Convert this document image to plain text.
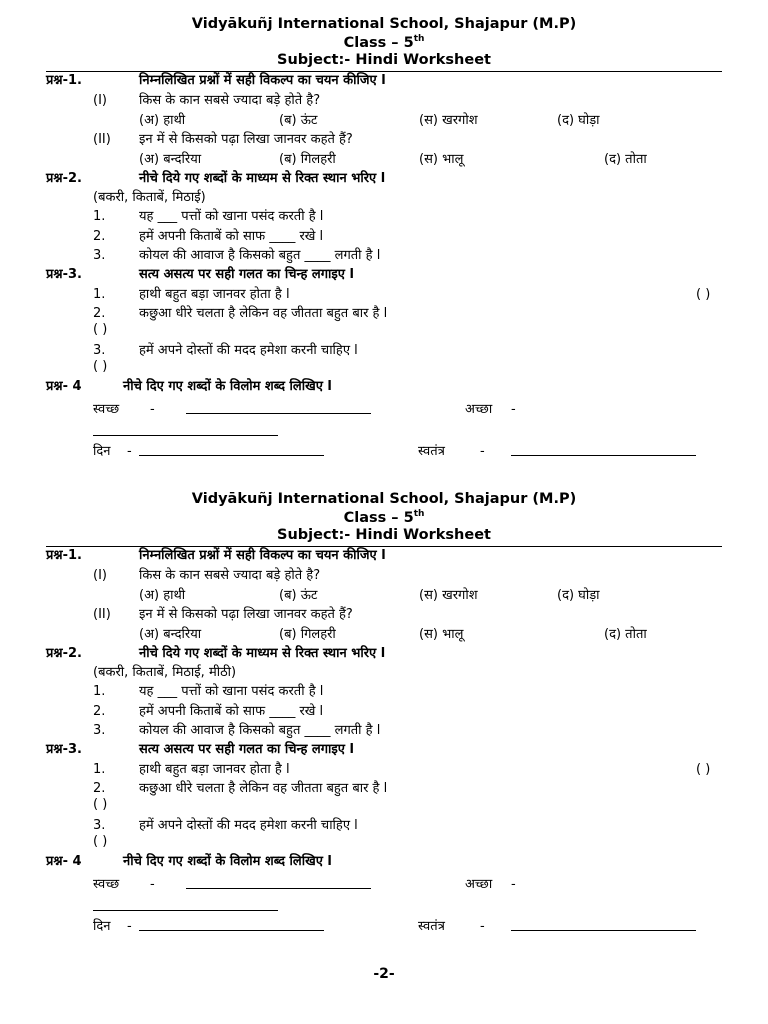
Vidyākuñj International School, Shajapur (M.P)
Class – 5th
Subject:- Hindi Worksheet
प्रश्न-1.	निम्नलिखित प्रश्नों में सही विकल्प का चयन कीजिए l
(I) किस के कान सबसे ज्यादा बड़े होते है?
(अ) हाथी	(ब) ऊंट	(स) खरगोश	(द) घोड़ा
(II) इन में से किसको पढ़ा लिखा जानवर कहते हैं?
(अ) बन्दरिया	(ब) गिलहरी	(स) भालू	(द) तोता
प्रश्न-2.	नीचे दिये गए शब्दों के माध्यम से रिक्त स्थान भरिए l
(बकरी, किताबें, मिठाई)
1.	यह ___ पत्तों को खाना पसंद करती है l
2.	हमें अपनी किताबें को साफ ____ रखे l
3.	कोयल की आवाज है किसको बहुत ____ लगती है l
प्रश्न-3.	सत्य असत्य पर सही गलत का चिन्ह लगाइए l
1.	हाथी बहुत बड़ा जानवर होता है l	( )
2.	कछुआ धीरे चलता है लेकिन वह जीतता बहुत बार है l
( )
3.	हमें अपने दोस्तों की मदद हमेशा करनी चाहिए l
( )
प्रश्न- 4	नीचे दिए गए शब्दों के विलोम शब्द लिखिए l
स्वच्छ -	अच्छा -
दिन -	स्वतंत्र	-
Vidyākuñj International School, Shajapur (M.P)
Class – 5th
Subject:- Hindi Worksheet
प्रश्न-1.	निम्नलिखित प्रश्नों में सही विकल्प का चयन कीजिए l
(I) किस के कान सबसे ज्यादा बड़े होते है?
(अ) हाथी	(ब) ऊंट	(स) खरगोश	(द) घोड़ा
(II) इन में से किसको पढ़ा लिखा जानवर कहते हैं?
(अ) बन्दरिया	(ब) गिलहरी	(स) भालू	(द) तोता
प्रश्न-2.	नीचे दिये गए शब्दों के माध्यम से रिक्त स्थान भरिए l
(बकरी, किताबें, मिठाई, मीठी)
1.	यह ___ पत्तों को खाना पसंद करती है l
2.	हमें अपनी किताबें को साफ ____ रखे l
3.	कोयल की आवाज है किसको बहुत ____ लगती है l
प्रश्न-3.	सत्य असत्य पर सही गलत का चिन्ह लगाइए l
1.	हाथी बहुत बड़ा जानवर होता है l	( )
2.	कछुआ धीरे चलता है लेकिन वह जीतता बहुत बार है l
( )
3.	हमें अपने दोस्तों की मदद हमेशा करनी चाहिए l
( )
प्रश्न- 4	नीचे दिए गए शब्दों के विलोम शब्द लिखिए l
स्वच्छ -	अच्छा -
दिन -	स्वतंत्र	-
-2-
